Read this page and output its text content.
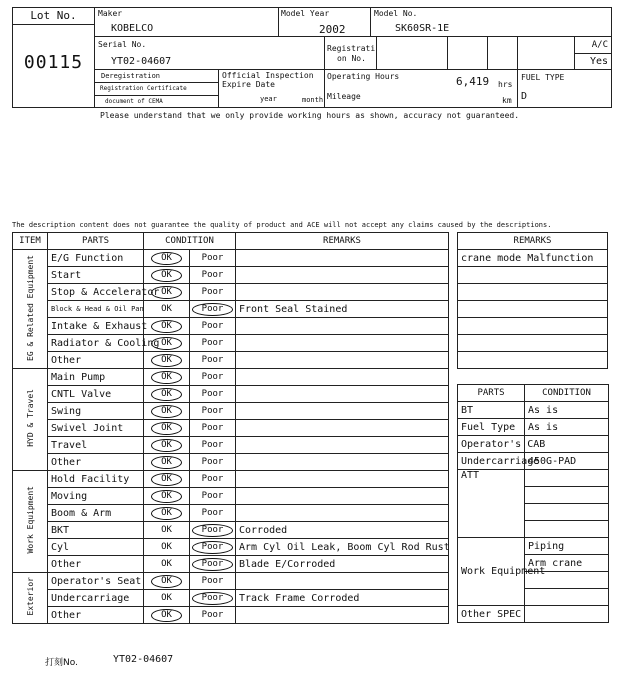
Lot No.
00115
Maker
KOBELCO
Model Year
2002
Model No.
SK60SR-1E
Serial No.
YT02-04607
Registrati
on No.
A/C
Yes
Deregistration
Registration Certificate
document of CEMA
Official Inspection
Expire Date
year	month
Operating Hours	6,419 hrs
Mileage	km
FUEL TYPE
D
Please understand that we only provide working hours as shown, accuracy not guaranteed.
The description content does not guarantee the quality of product and ACE will not accept any claims caused by the descriptions.
ITEM	PARTS	CONDITION		REMARKS
EG & Related Equipment	E/G Function	OK	Poor	
	Start	OK	Poor	
	Stop & Accelerator	OK	Poor	
	Block & Head & Oil Pan	OK	Poor	Front Seal Stained
	Intake & Exhaust	OK	Poor	
	Radiator & Cooling	OK	Poor	
	Other	OK	Poor	
HYD & Travel	Main Pump	OK	Poor	
	CNTL Valve	OK	Poor	
	Swing	OK	Poor	
	Swivel Joint	OK	Poor	
	Travel	OK	Poor	
	Other	OK	Poor	
Work Equipment	Hold Facility	OK	Poor	
	Moving	OK	Poor	
	Boom & Arm	OK	Poor	
	BKT	OK	Poor	Corroded
	Cyl	OK	Poor	Arm Cyl Oil Leak, Boom Cyl Rod Rust
	Other	OK	Poor	Blade E/Corroded
Exterior	Operator's Seat	OK	Poor	
	Undercarriage	OK	Poor	Track Frame Corroded
	Other	OK	Poor	
REMARKS
crane mode Malfunction

PARTS	CONDITION
BT	As is
Fuel Type	As is
Operator's CAB	
Undercarriage	450G-PAD
ATT	

Work Equipment	Piping
	Arm crane

Other SPEC	
打刻No.	YT02-04607
